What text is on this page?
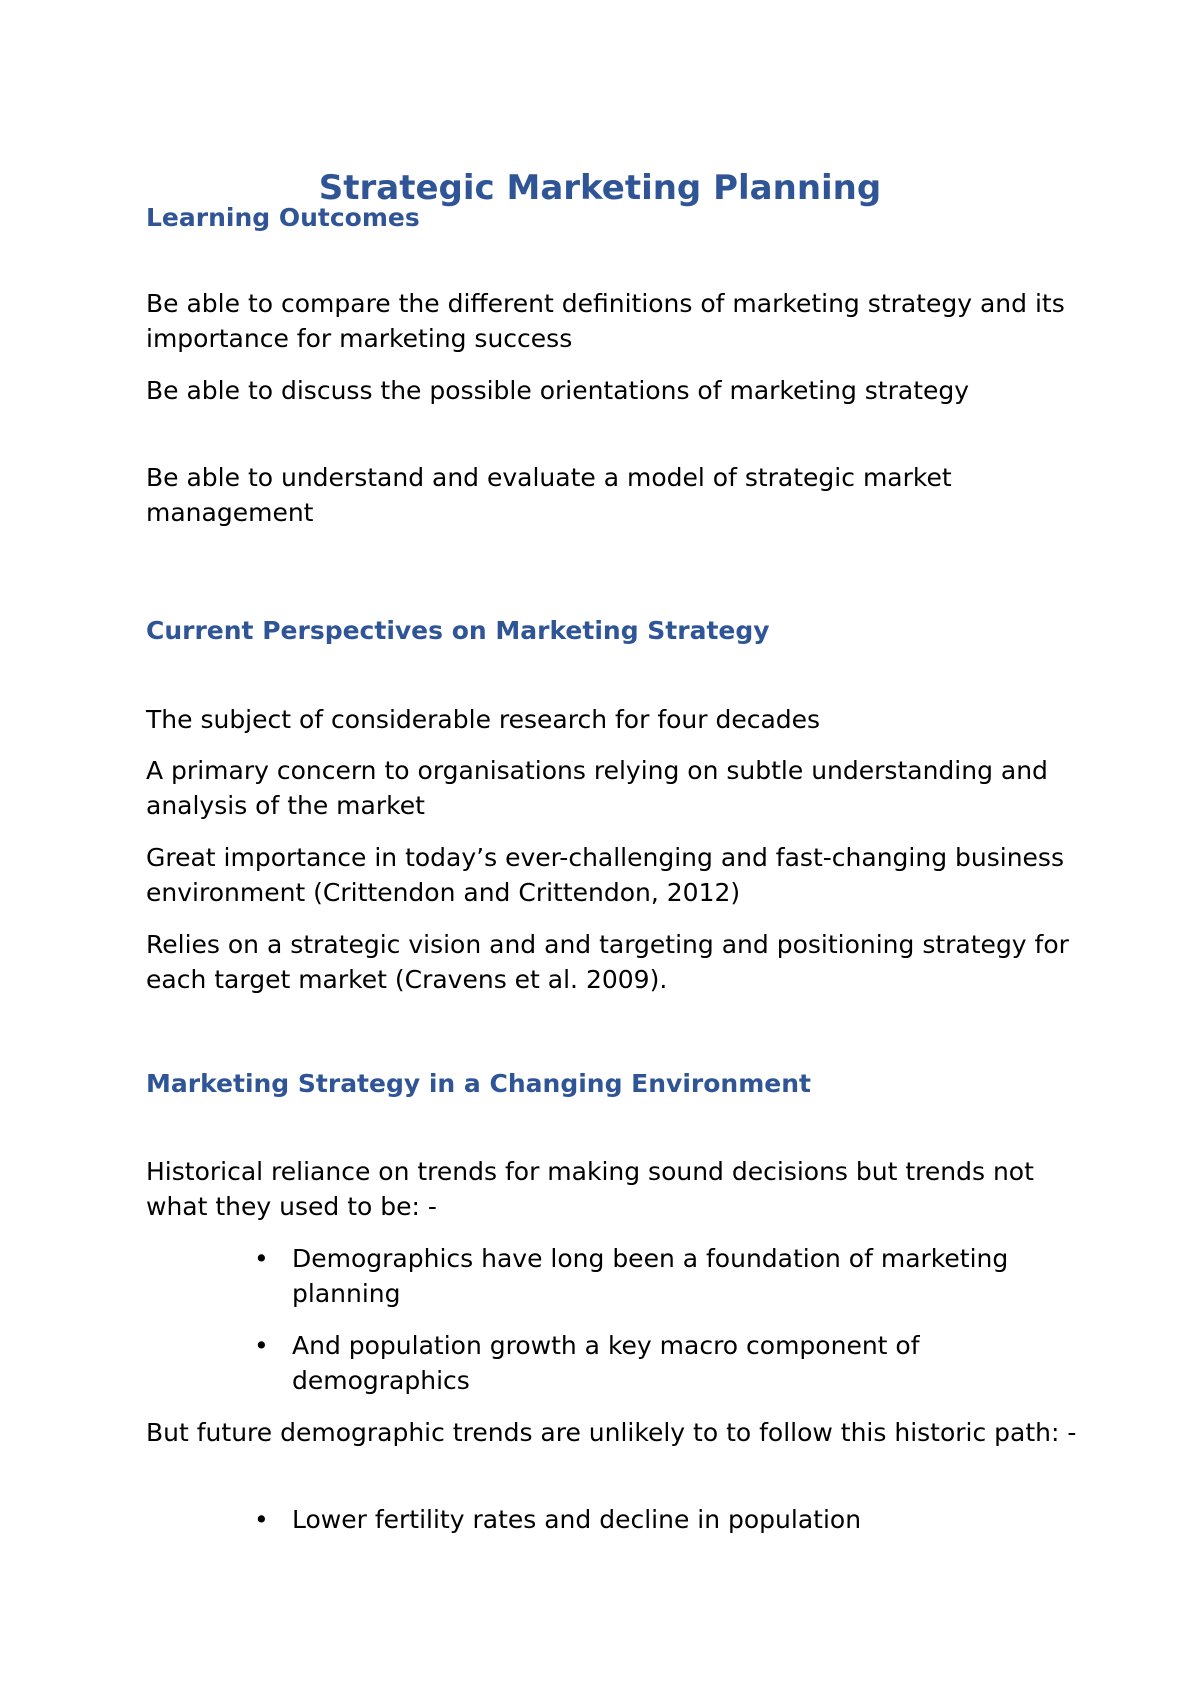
Strategic Marketing Planning
Learning Outcomes

Be able to compare the different definitions of marketing strategy and its importance for marketing success

Be able to discuss the possible orientations of marketing strategy

Be able to understand and evaluate a model of strategic market management

Current Perspectives on Marketing Strategy

The subject of considerable research for four decades

A primary concern to organisations relying on subtle understanding and analysis of the market

Great importance in today’s ever-challenging and fast-changing business environment (Crittendon and Crittendon, 2012)

Relies on a strategic vision and and targeting and positioning strategy for each target market (Cravens et al. 2009).

Marketing Strategy in a Changing Environment

Historical reliance on trends for making sound decisions but trends not what they used to be: -

• Demographics have long been a foundation of marketing planning
• And population growth a key macro component of demographics

But future demographic trends are unlikely to to follow this historic path: -

• Lower fertility rates and decline in population
